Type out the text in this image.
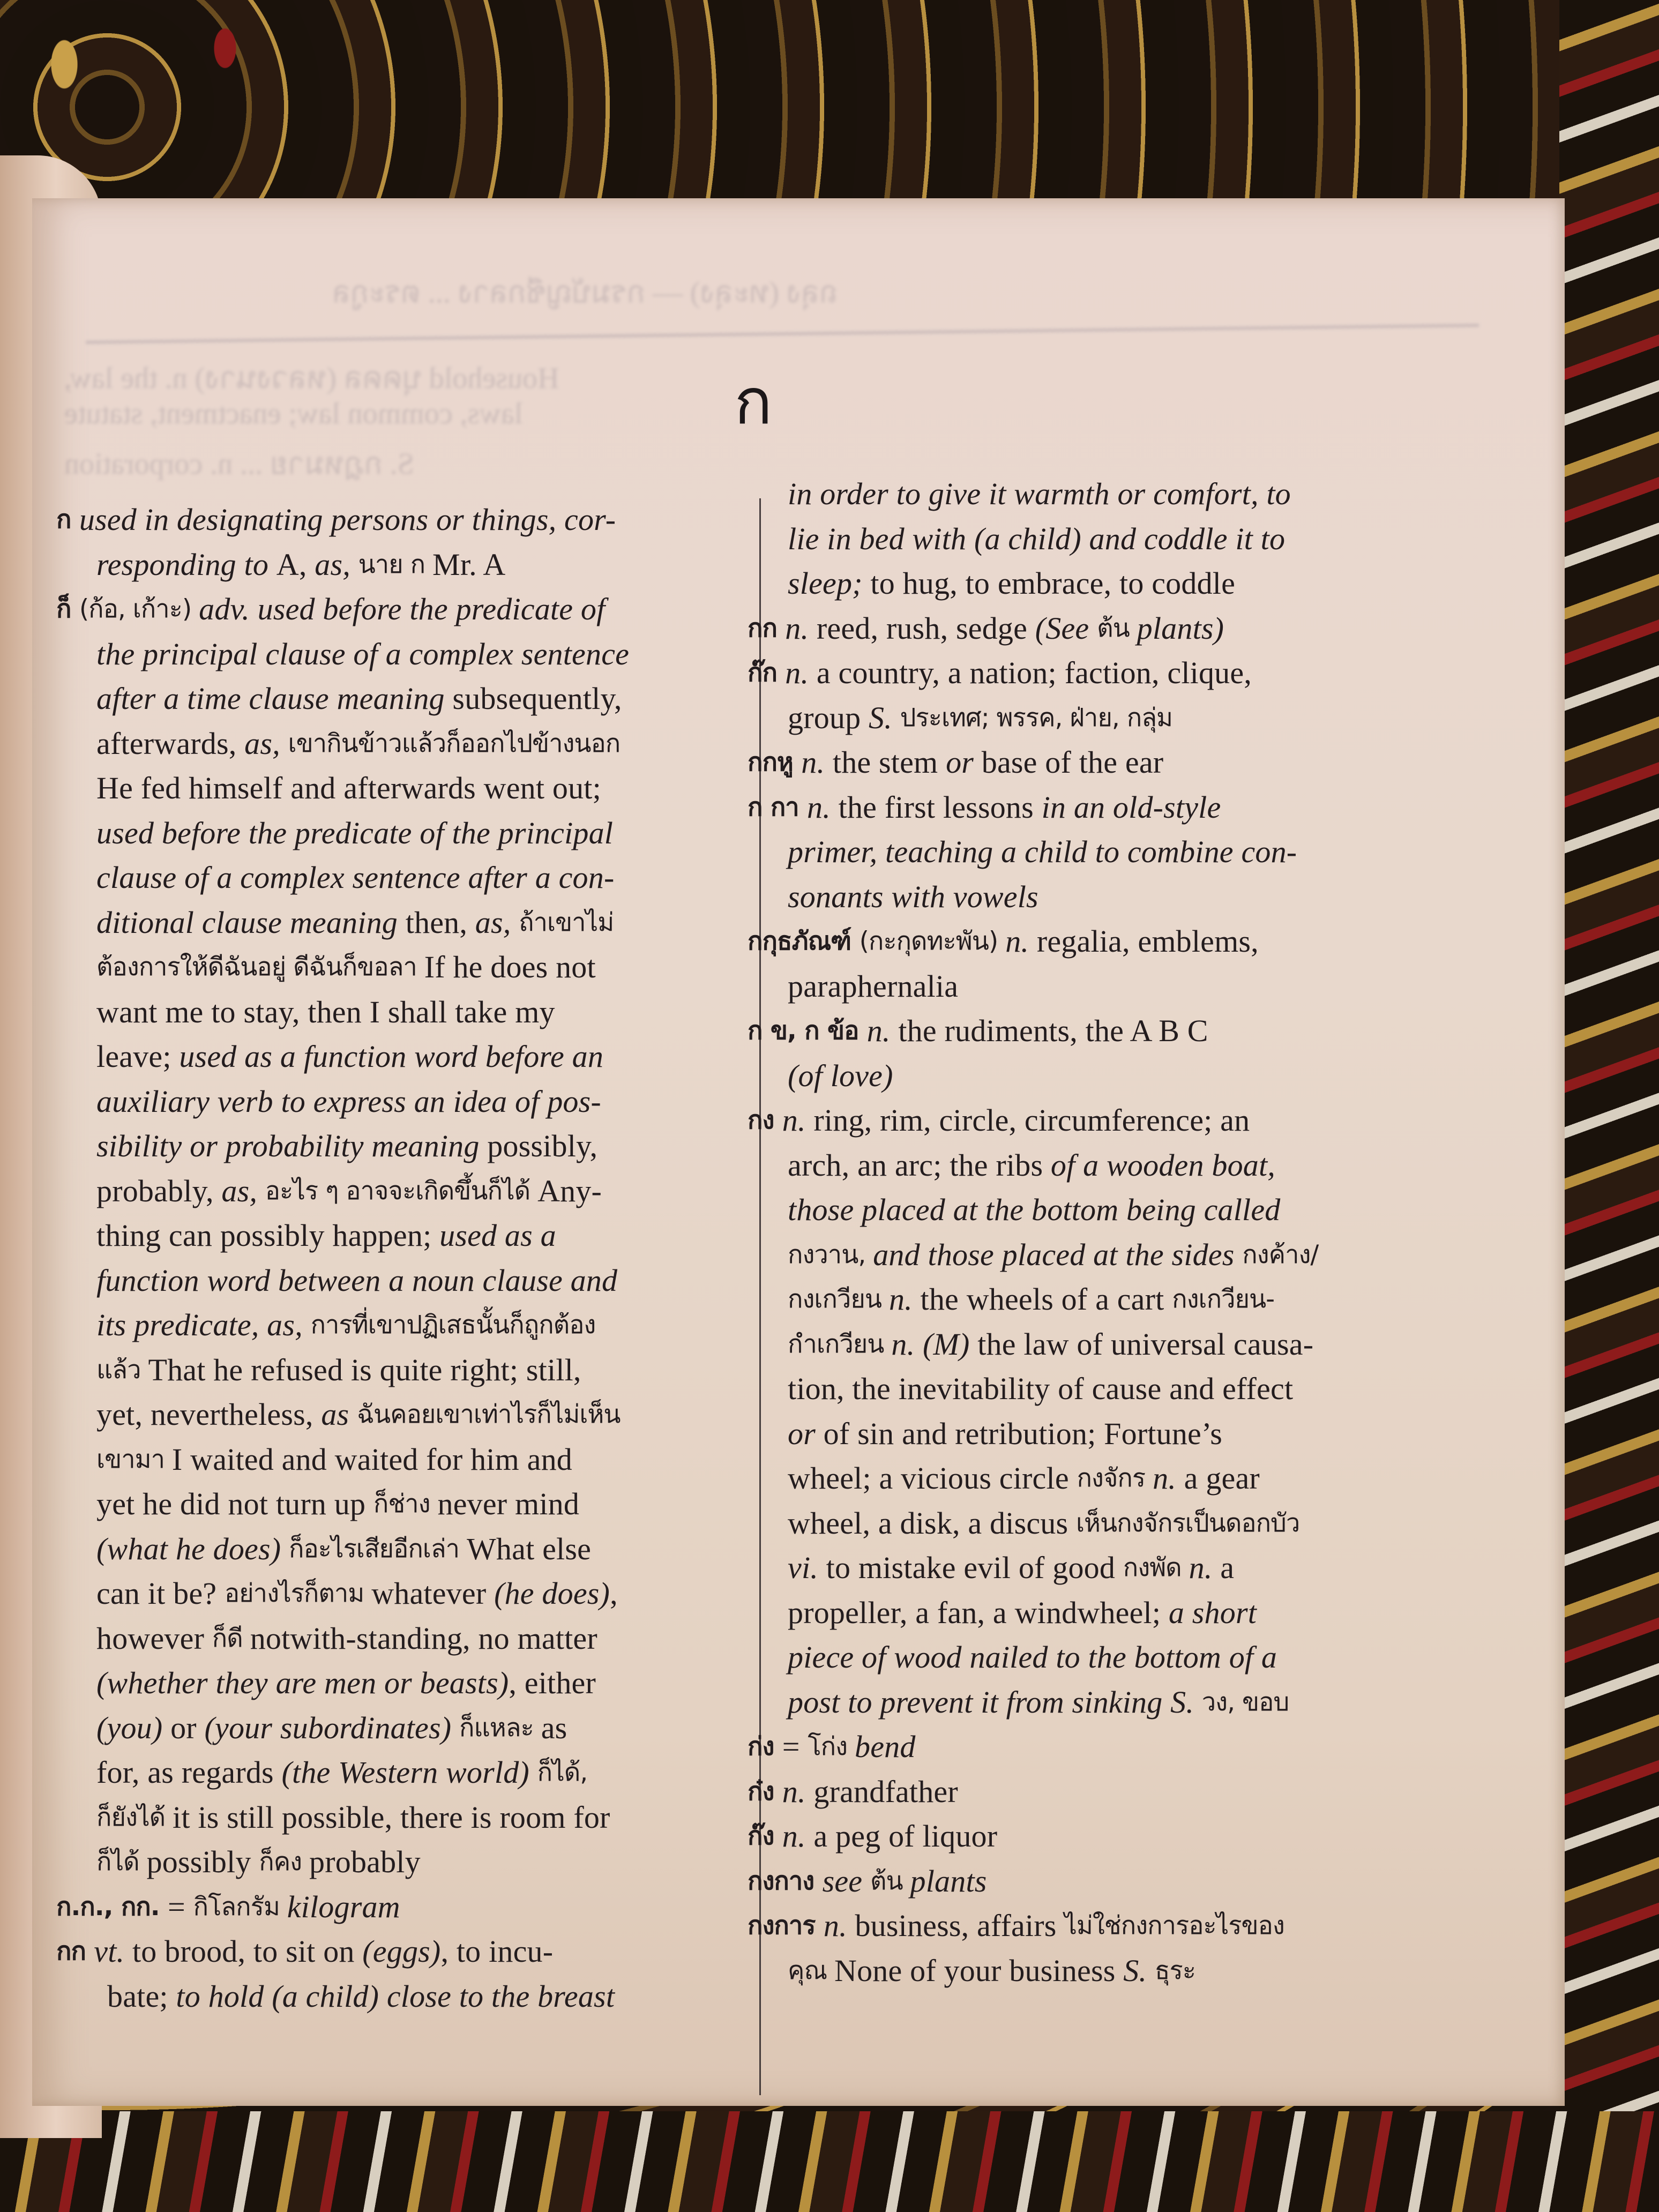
ถลุง (ทะลุง) — กรมบัญชีกลาง ... ตระกูล
Household บุคคล (หลวงนาง) n. the law,
laws, common law; enactment, statute
S. กฎหมาย ... n. corporation
ก
ก used in designating persons or things, cor-
responding to A, as, นาย ก Mr. A
ก็ (ก้อ, เก้าะ) adv. used before the predicate of
the principal clause of a complex sentence
after a time clause meaning subsequently,
afterwards, as, เขากินข้าวแล้วก็ออกไปข้างนอก
He fed himself and afterwards went out;
used before the predicate of the principal
clause of a complex sentence after a con-
ditional clause meaning then, as, ถ้าเขาไม่
ต้องการให้ดีฉันอยู่ ดีฉันก็ขอลา If he does not
want me to stay, then I shall take my
leave; used as a function word before an
auxiliary verb to express an idea of pos-
sibility or probability meaning possibly,
probably, as, อะไร ๆ อาจจะเกิดขึ้นก็ได้ Any-
thing can possibly happen; used as a
function word between a noun clause and
its predicate, as, การที่เขาปฏิเสธนั้นก็ถูกต้อง
แล้ว That he refused is quite right; still,
yet, nevertheless, as ฉันคอยเขาเท่าไรก็ไม่เห็น
เขามา I waited and waited for him and
yet he did not turn up ก็ช่าง never mind
(what he does) ก็อะไรเสียอีกเล่า What else
can it be? อย่างไรก็ตาม whatever (he does) ,
however ก็ดี notwith-standing, no matter
(whether they are men or beasts) , either
(you) or (your subordinates) ก็แหละ as
for, as regards (the Western world) ก็ได้,
ก็ยังได้ it is still possible, there is room for
ก็ได้ possibly ก็คง probably
ก.ก., กก. = กิโลกรัม kilogram
กก vt. to brood, to sit on (eggs) , to incu-
bate; to hold (a child) close to the breast
in order to give it warmth or comfort, to
lie in bed with (a child) and coddle it to
sleep; to hug, to embrace, to coddle
กก n. reed, rush, sedge (See ต้น plants)
ก๊ก n. a country, a nation; faction, clique,
group S. ประเทศ; พรรค, ฝ่าย, กลุ่ม
กกหู n. the stem or base of the ear
ก กา n. the first lessons in an old-style
primer, teaching a child to combine con-
sonants with vowels
กกุธภัณฑ์ (กะกุดทะพัน) n. regalia, emblems,
paraphernalia
ก ข, ก ข้อ n. the rudiments, the A B C
(of love)
กง n. ring, rim, circle, circumference; an
arch, an arc; the ribs of a wooden boat,
those placed at the bottom being called
กงวาน, and those placed at the sides กงค้าง/
กงเกวียน n. the wheels of a cart กงเกวียน-
กำเกวียน n. (M) the law of universal causa-
tion, the inevitability of cause and effect
or of sin and retribution; Fortune’s
wheel; a vicious circle กงจักร n. a gear
wheel, a disk, a discus เห็นกงจักรเป็นดอกบัว
vi. to mistake evil of good กงพัด n. a
propeller, a fan, a windwheel; a short
piece of wood nailed to the bottom of a
post to prevent it from sinking S. วง, ขอบ
ก่ง = โก่ง bend
ก๋ง n. grandfather
ก๊ง n. a peg of liquor
กงกาง see ต้น plants
กงการ n. business, affairs ไม่ใช่กงการอะไรของ
คุณ None of your business S. ธุระ
